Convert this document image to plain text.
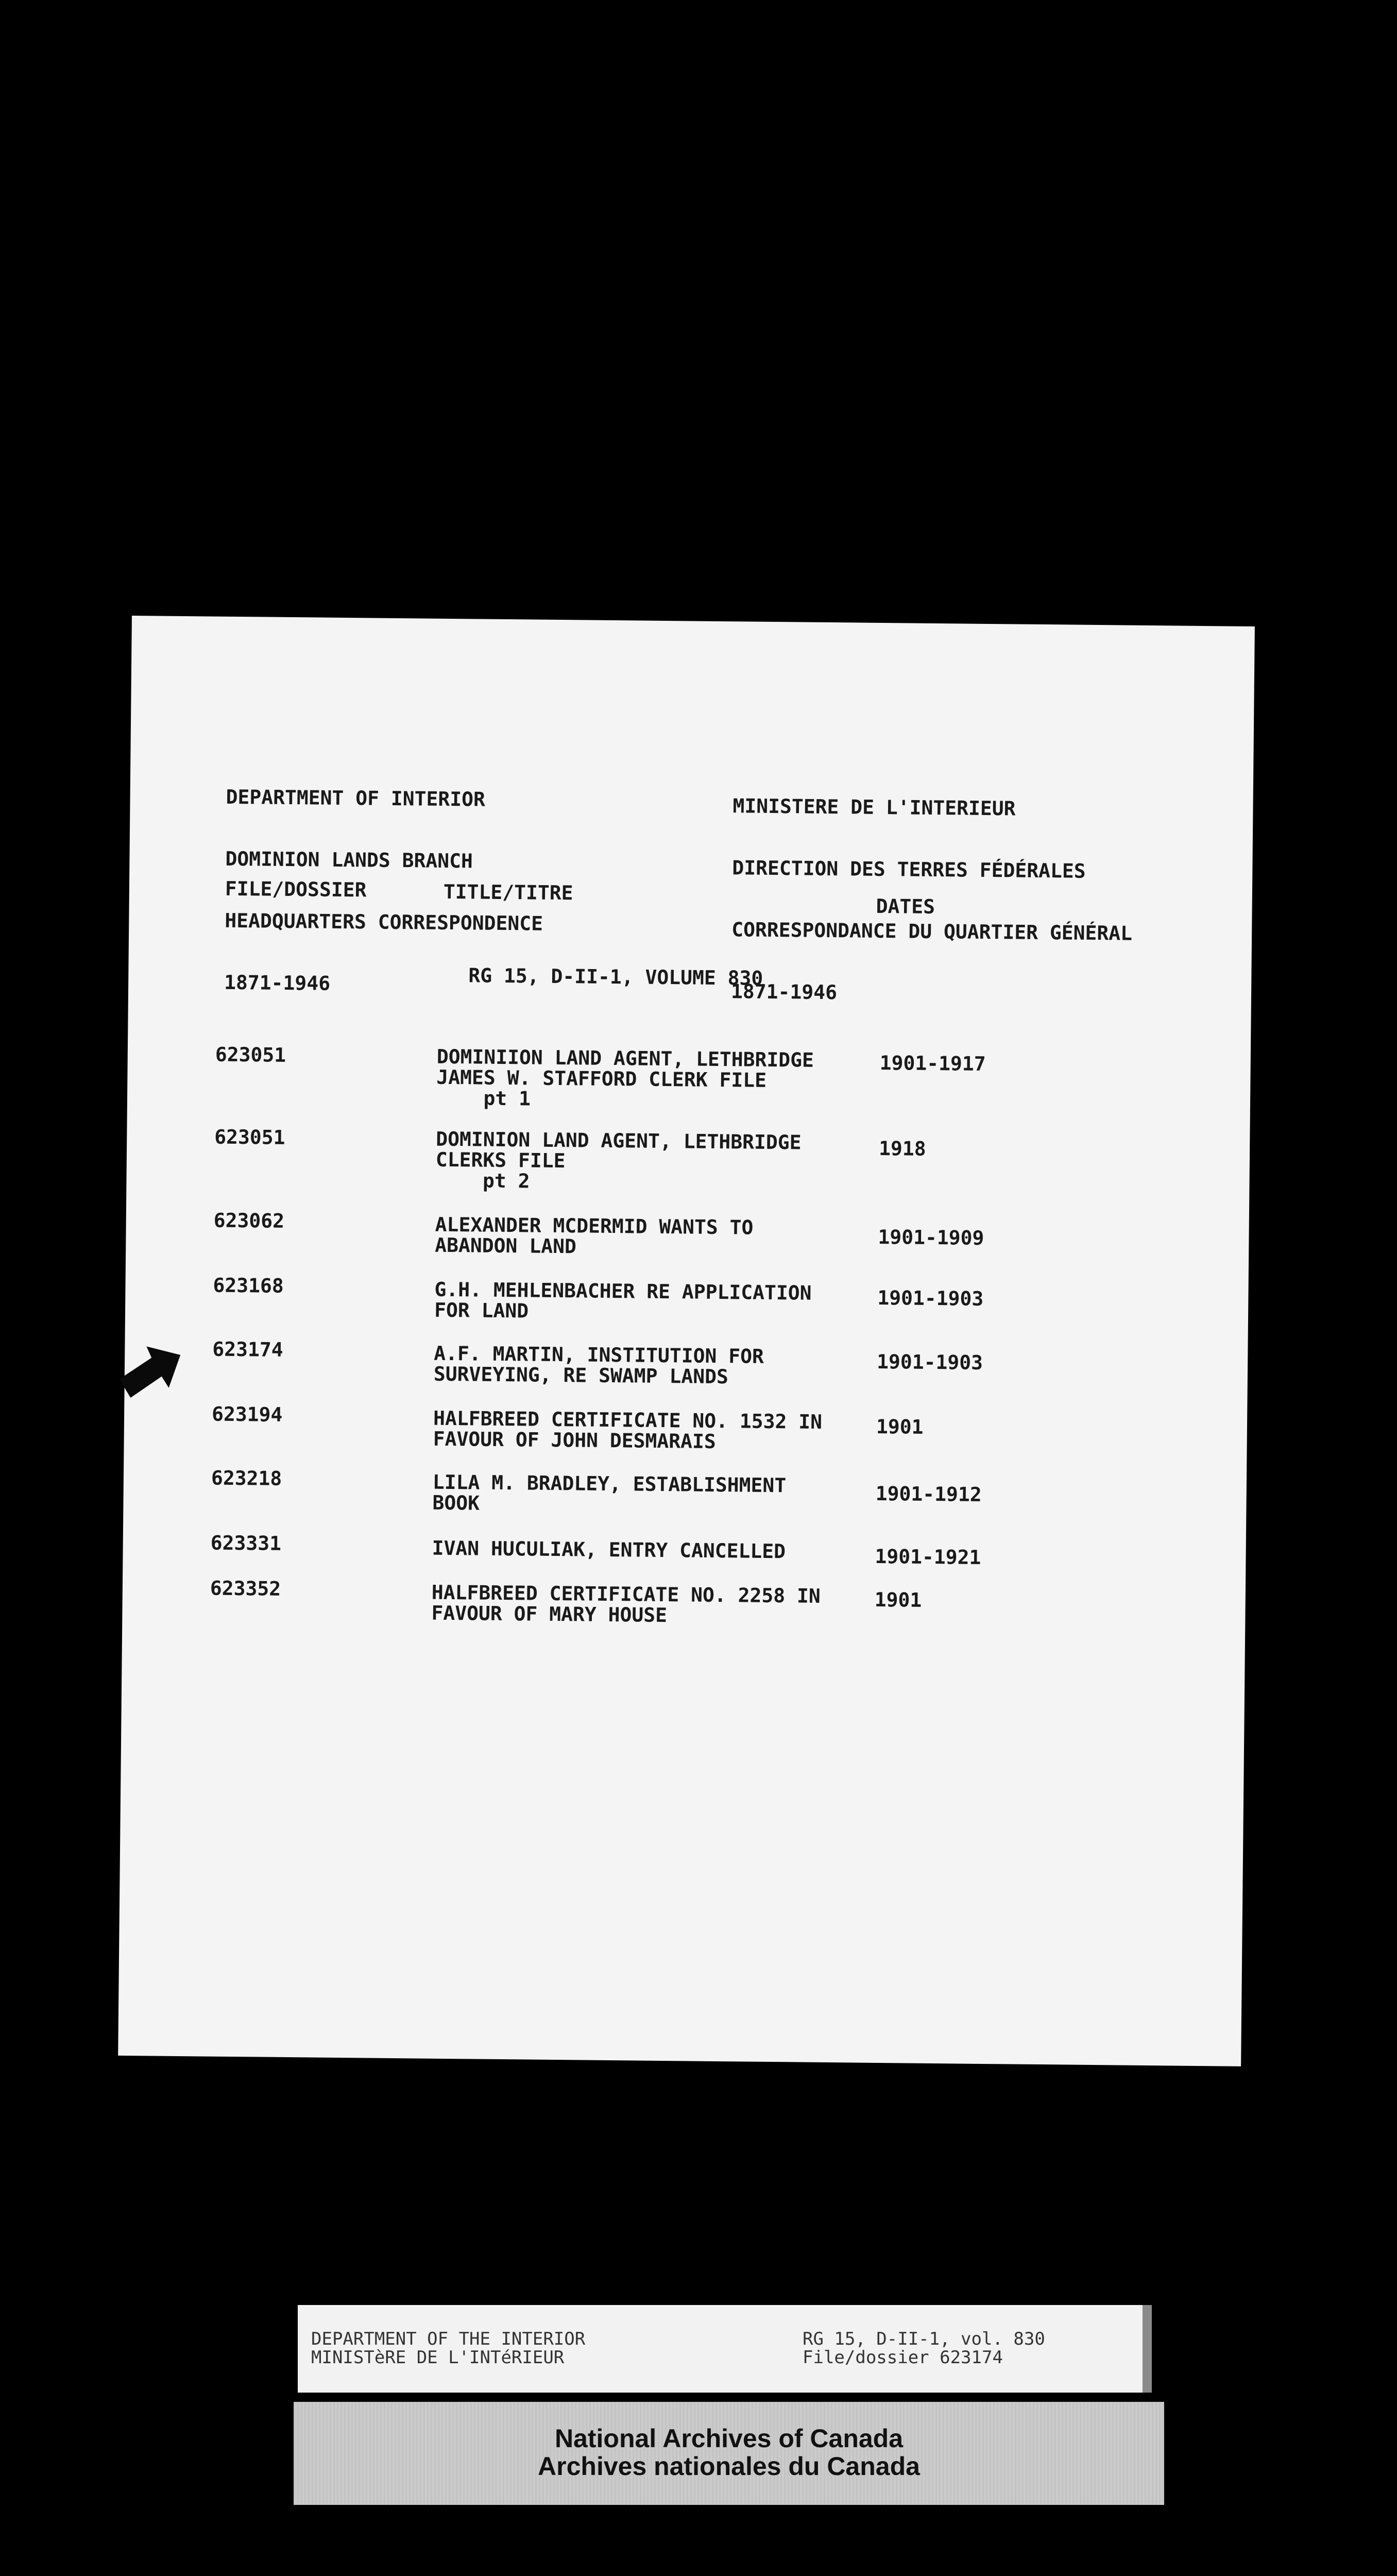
DEPARTMENT OF INTERIOR

DOMINION LANDS BRANCH

HEADQUARTERS CORRESPONDENCE

1871-1946

MINISTERE DE L'INTERIEUR

DIRECTION DES TERRES FÉDÉRALES

CORRESPONDANCE DU QUARTIER GÉNÉRAL

1871-1946

FILE/DOSSIER	TITLE/TITRE
DATES
RG 15, D-II-1, VOLUME 830
623051	DOMINIION LAND AGENT, LETHBRIDGE
JAMES W. STAFFORD CLERK FILE
pt 1
1901-1917
623051	DOMINION LAND AGENT, LETHBRIDGE
CLERKS FILE
pt 2
1918
623062	ALEXANDER MCDERMID WANTS TO
ABANDON LAND	1901-1909
623168	G.H. MEHLENBACHER RE APPLICATION
FOR LAND
1901-1903
623174	A.F. MARTIN, INSTITUTION FOR
SURVEYING, RE SWAMP LANDS
1901-1903
623194	HALFBREED CERTIFICATE NO. 1532 IN
FAVOUR OF JOHN DESMARAIS
1901
623218	LILA M. BRADLEY, ESTABLISHMENT
BOOK	1901-1912
623331	IVAN HUCULIAK, ENTRY CANCELLED	1901-1921
623352	HALFBREED CERTIFICATE NO. 2258 IN
FAVOUR OF MARY HOUSE
1901
DEPARTMENT OF THE INTERIOR
MINISTèRE DE L'INTéRIEUR
RG 15, D-II-1, vol. 830
File/dossier 623174
National Archives of Canada
Archives nationales du Canada
